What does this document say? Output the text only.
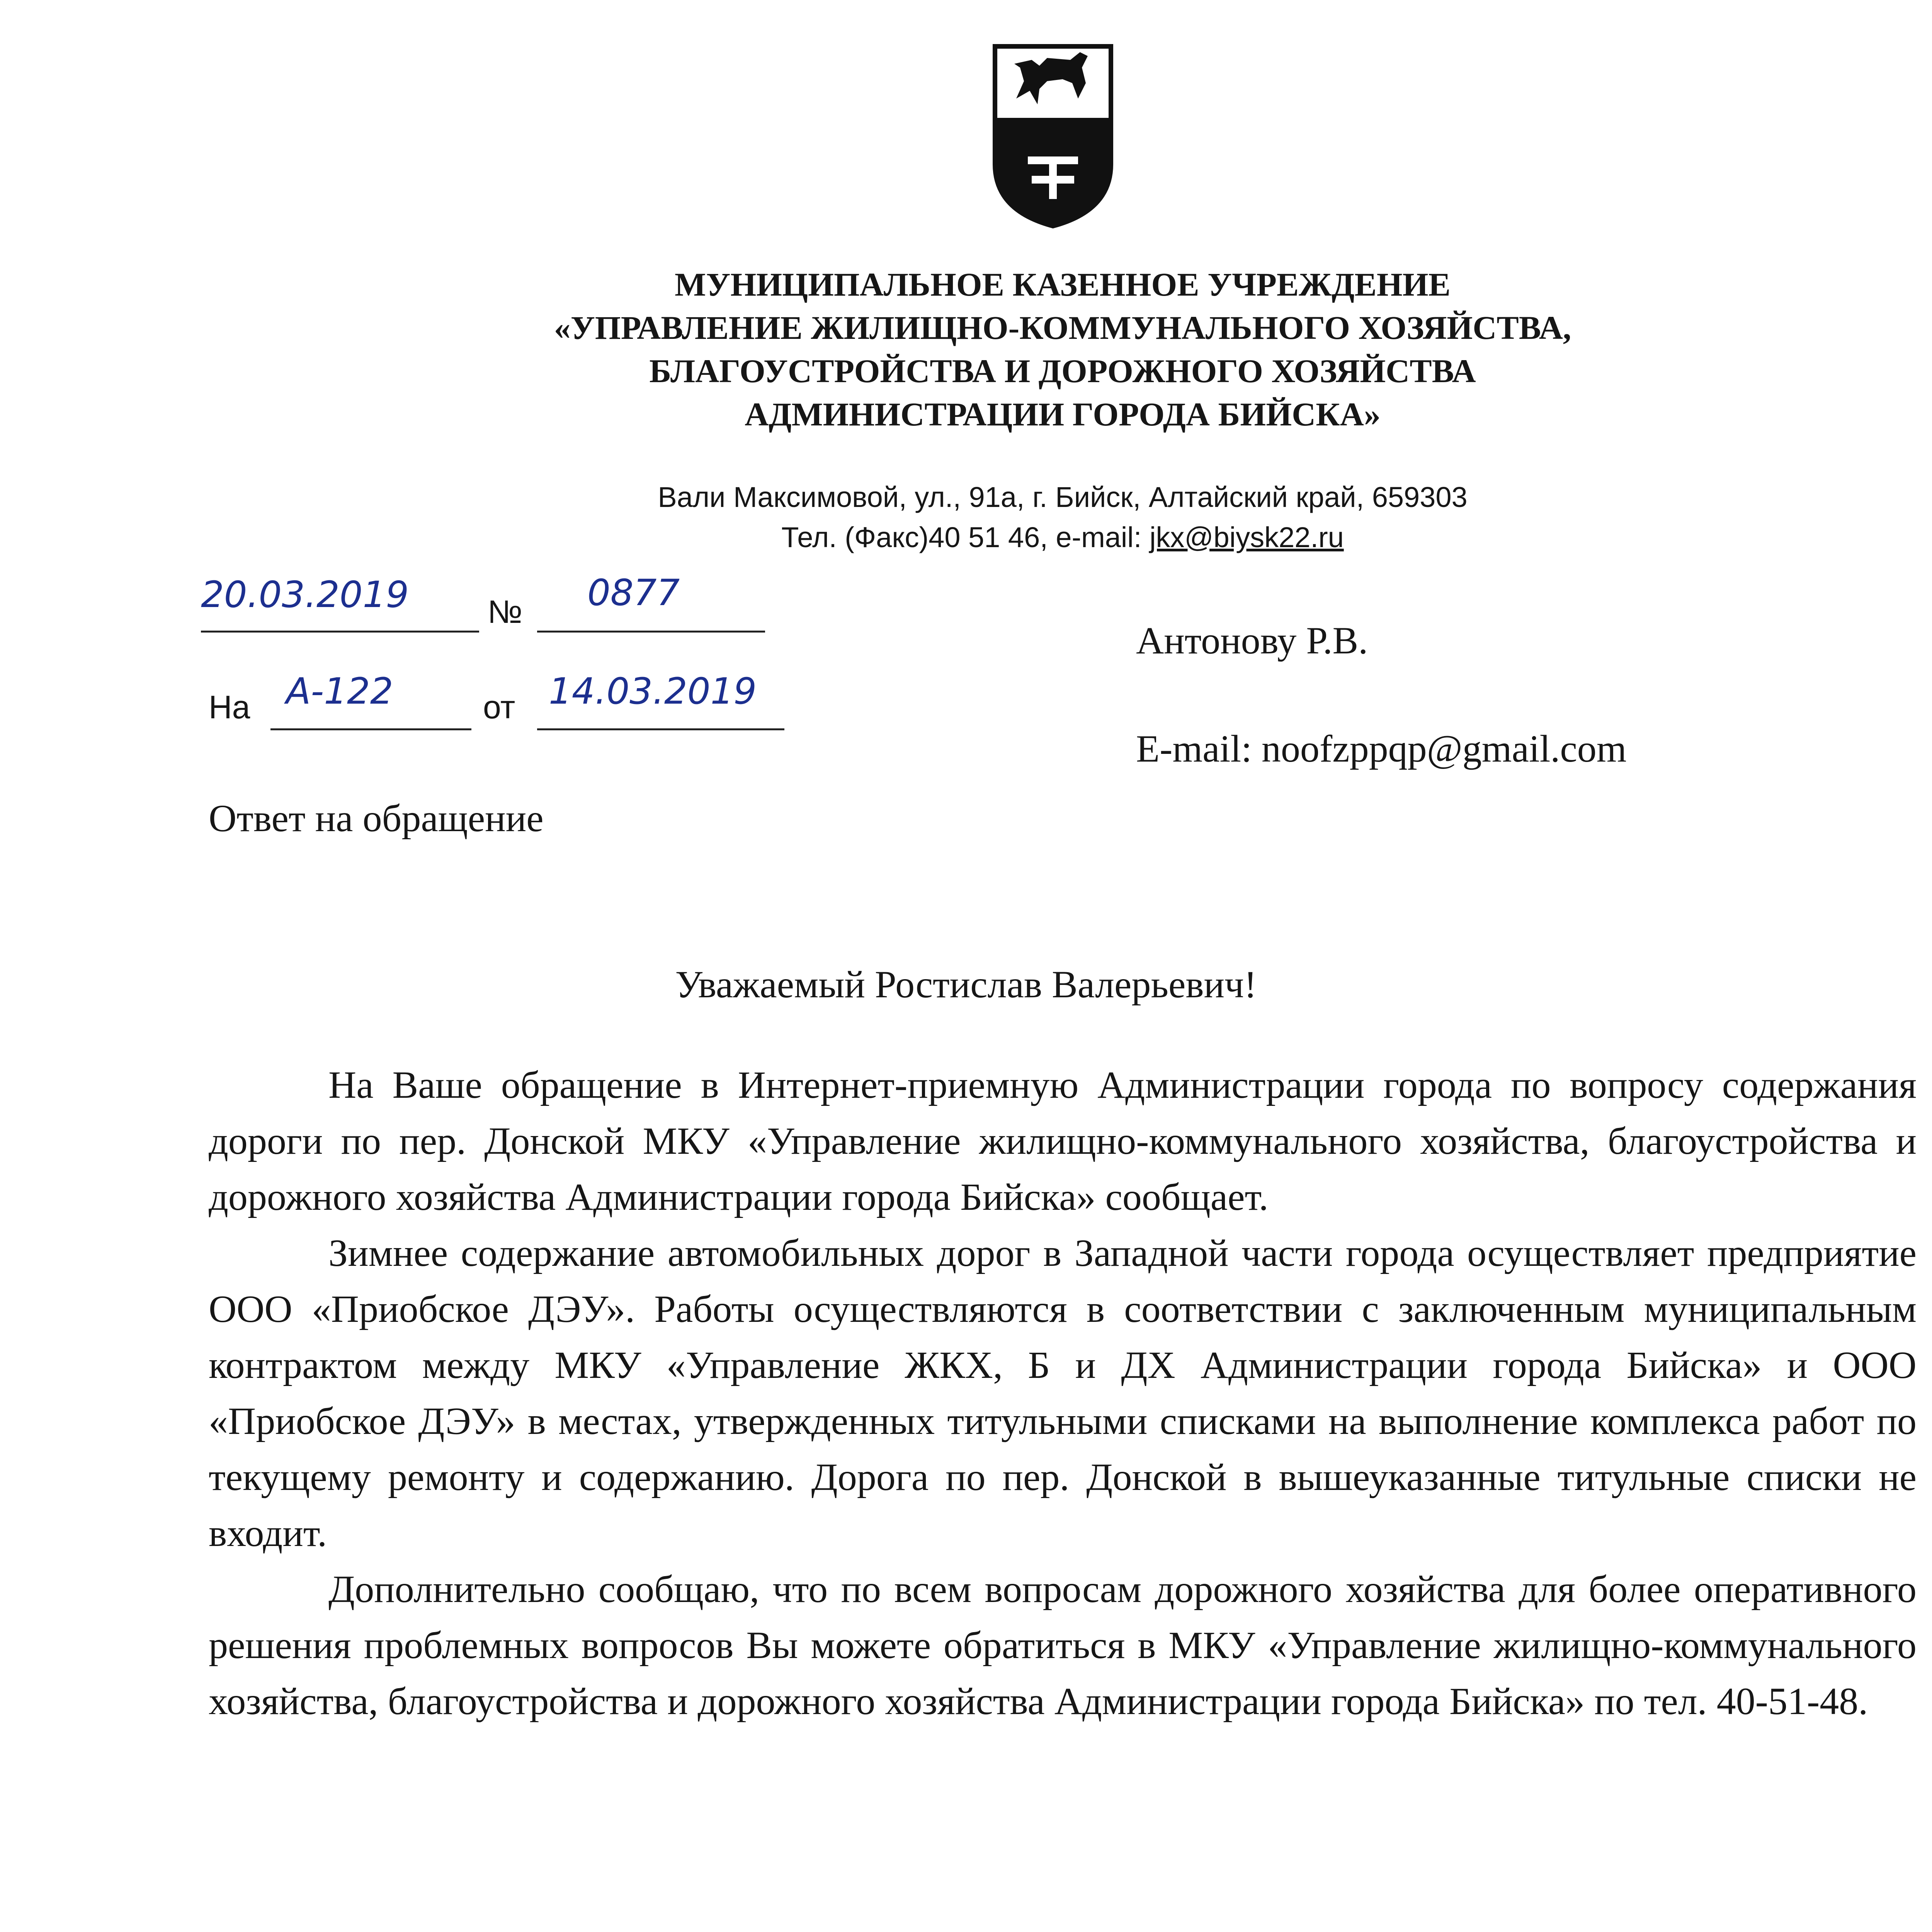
МУНИЦИПАЛЬНОЕ КАЗЕННОЕ УЧРЕЖДЕНИЕ
«УПРАВЛЕНИЕ ЖИЛИЩНО-КОММУНАЛЬНОГО ХОЗЯЙСТВА,
БЛАГОУСТРОЙСТВА И ДОРОЖНОГО ХОЗЯЙСТВА
АДМИНИСТРАЦИИ ГОРОДА БИЙСКА»
Вали Максимовой, ул., 91а, г. Бийск, Алтайский край, 659303
Тел. (Факс)40 51 46, e-mail: jkx@biysk22.ru
20.03.2019 № 0877
На А-122	от 14.03.2019
Антонову Р.В.
E-mail: noofzppqp@gmail.com
Ответ на обращение
Уважаемый Ростислав Валерьевич!

На Ваше обращение в Интернет-приемную Администрации города по вопросу содержания дороги по пер. Донской МКУ «Управление жилищно-коммунального хозяйства, благоустройства и дорожного хозяйства Администрации города Бийска» сообщает.

Зимнее содержание автомобильных дорог в Западной части города осуществляет предприятие ООО «Приобское ДЭУ». Работы осуществляются в соответствии с заключенным муниципальным контрактом между МКУ «Управление ЖКХ, Б и ДХ Администрации города Бийска» и ООО «Приобское ДЭУ» в местах, утвержденных титульными списками на выполнение комплекса работ по текущему ремонту и содержанию. Дорога по пер. Донской в вышеуказанные титульные списки не входит.

Дополнительно сообщаю, что по всем вопросам дорожного хозяйства для более оперативного решения проблемных вопросов Вы можете обратиться в МКУ «Управление жилищно-коммунального хозяйства, благоустройства и дорожного хозяйства Администрации города Бийска» по тел. 40-51-48.
